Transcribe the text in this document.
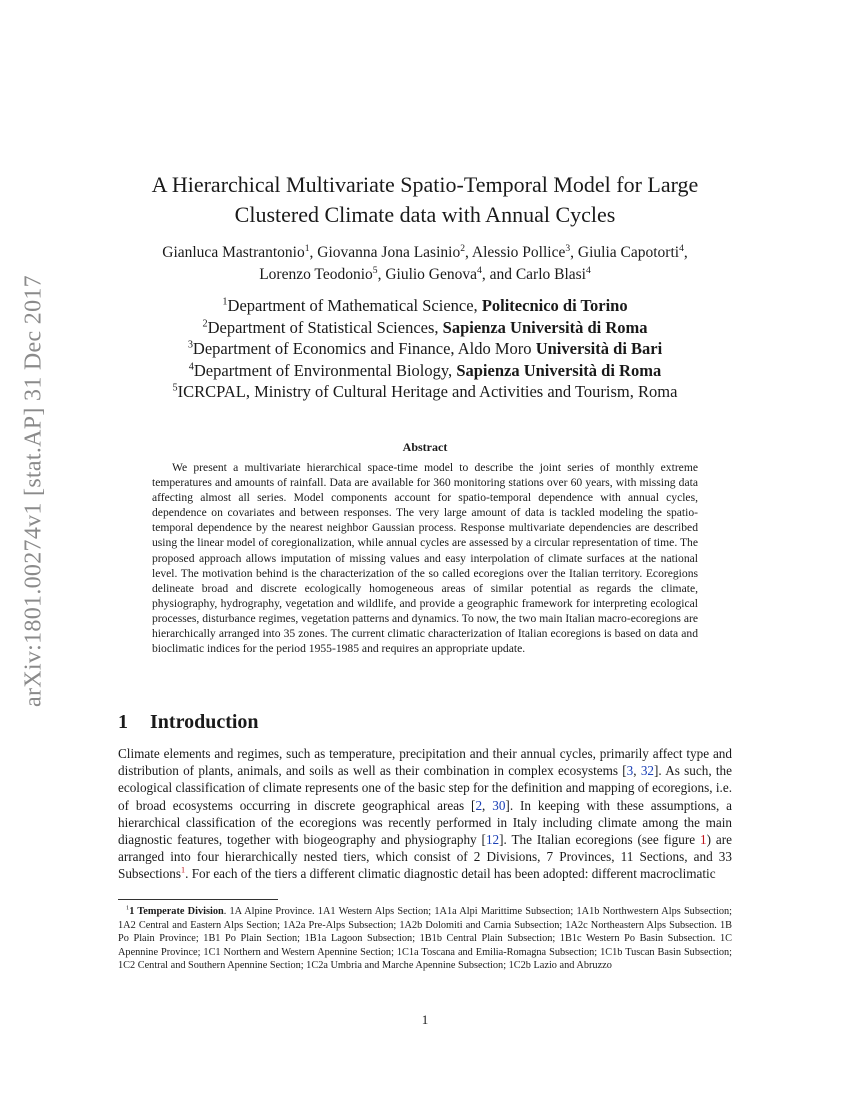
arXiv:1801.00274v1 [stat.AP] 31 Dec 2017
A Hierarchical Multivariate Spatio-Temporal Model for Large
Clustered Climate data with Annual Cycles
Gianluca Mastrantonio$^1$, Giovanna Jona Lasinio$^2$, Alessio Pollice$^3$, Giulia Capotorti$^4$,
Lorenzo Teodonio$^5$, Giulio Genova$^4$, and Carlo Blasi$^4$
$^1$Department of Mathematical Science, Politecnico di Torino
$^2$Department of Statistical Sciences, Sapienza Università di Roma
$^3$Department of Economics and Finance, Aldo Moro Università di Bari
$^4$Department of Environmental Biology, Sapienza Università di Roma
$^5$ICRCPAL, Ministry of Cultural Heritage and Activities and Tourism, Roma
Abstract

We present a multivariate hierarchical space-time model to describe the joint series of monthly extreme temperatures and amounts of rainfall. Data are available for 360 monitoring stations over 60 years, with missing data affecting almost all series. Model components account for spatio-temporal dependence with annual cycles, dependence on covariates and between responses. The very large amount of data is tackled modeling the spatio-temporal dependence by the nearest neighbor Gaussian process. Response multivariate dependencies are described using the linear model of coregionalization, while annual cycles are assessed by a circular representation of time. The proposed approach allows imputation of missing values and easy interpolation of climate surfaces at the national level. The motivation behind is the characterization of the so called ecoregions over the Italian territory. Ecoregions delineate broad and discrete ecologically homogeneous areas of similar potential as regards the climate, physiography, hydrography, vegetation and wildlife, and provide a geographic framework for interpreting ecological processes, disturbance regimes, vegetation patterns and dynamics. To now, the two main Italian macro-ecoregions are hierarchically arranged into 35 zones. The current climatic characterization of Italian ecoregions is based on data and bioclimatic indices for the period 1955-1985 and requires an appropriate update.

1 Introduction

Climate elements and regimes, such as temperature, precipitation and their annual cycles, primarily affect type and distribution of plants, animals, and soils as well as their combination in complex ecosystems [3, 32]. As such, the ecological classification of climate represents one of the basic step for the definition and mapping of ecoregions, i.e. of broad ecosystems occurring in discrete geographical areas [2, 30]. In keeping with these assumptions, a hierarchical classification of the ecoregions was recently performed in Italy including climate among the main diagnostic features, together with biogeography and physiography [12]. The Italian ecoregions (see figure 1) are arranged into four hierarchically nested tiers, which consist of 2 Divisions, 7 Provinces, 11 Sections, and 33 Subsections$^1$. For each of the tiers a different climatic diagnostic detail has been adopted: different macroclimatic

$^1$1 Temperate Division. 1A Alpine Province. 1A1 Western Alps Section; 1A1a Alpi Marittime Subsection; 1A1b Northwestern Alps Subsection; 1A2 Central and Eastern Alps Section; 1A2a Pre-Alps Subsection; 1A2b Dolomiti and Carnia Subsection; 1A2c Northeastern Alps Subsection. 1B Po Plain Province; 1B1 Po Plain Section; 1B1a Lagoon Subsection; 1B1b Central Plain Subsection; 1B1c Western Po Basin Subsection. 1C Apennine Province; 1C1 Northern and Western Apennine Section; 1C1a Toscana and Emilia-Romagna Subsection; 1C1b Tuscan Basin Subsection; 1C2 Central and Southern Apennine Section; 1C2a Umbria and Marche Apennine Subsection; 1C2b Lazio and Abruzzo

1
